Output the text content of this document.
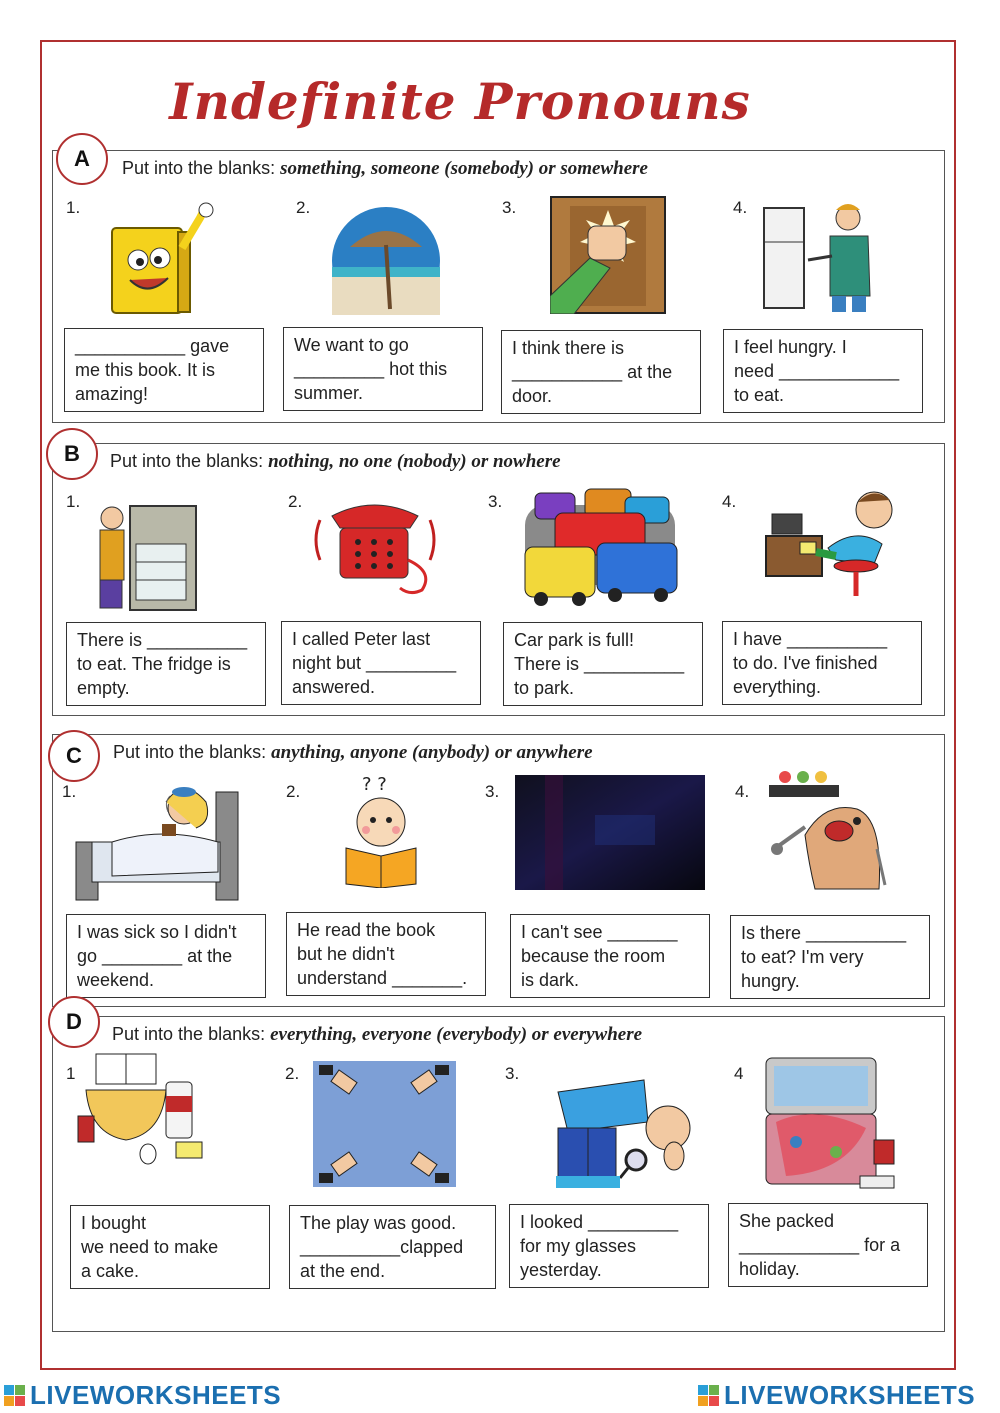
Indefinite Pronouns
A	Put into the blanks: something, someone (somebody) or somewhere
1.	2.	3.	4.
___________ gave
me this book. It is
amazing!
We want to go
_________ hot this
summer.
I think there is
___________ at the
door.
I feel hungry. I
need ____________
to eat.
B	Put into the blanks: nothing, no one (nobody) or nowhere
1.	2.	3.	4.
There is __________
to eat. The fridge is
empty.
I called Peter last
night but _________
answered.
Car park is full!
There is __________
to park.
I have __________
to do. I've finished
everything.
C	Put into the blanks: anything, anyone (anybody) or anywhere
1.	2.	3.	4.
? ?
I was sick so I didn't
go ________ at the
weekend.
He read the book
but he didn't
understand _______.
I can't see _______
because the room
is dark.
Is there __________
to eat? I'm very
hungry.
D	Put into the blanks: everything, everyone (everybody) or everywhere
1	2.	3.	4
I bought
we need to make
a cake.
The play was good.
__________clapped
at the end.
I looked _________
for my glasses
yesterday.
She packed
____________ for a
holiday.
LIVEWORKSHEETS	LIVEWORKSHEETS
